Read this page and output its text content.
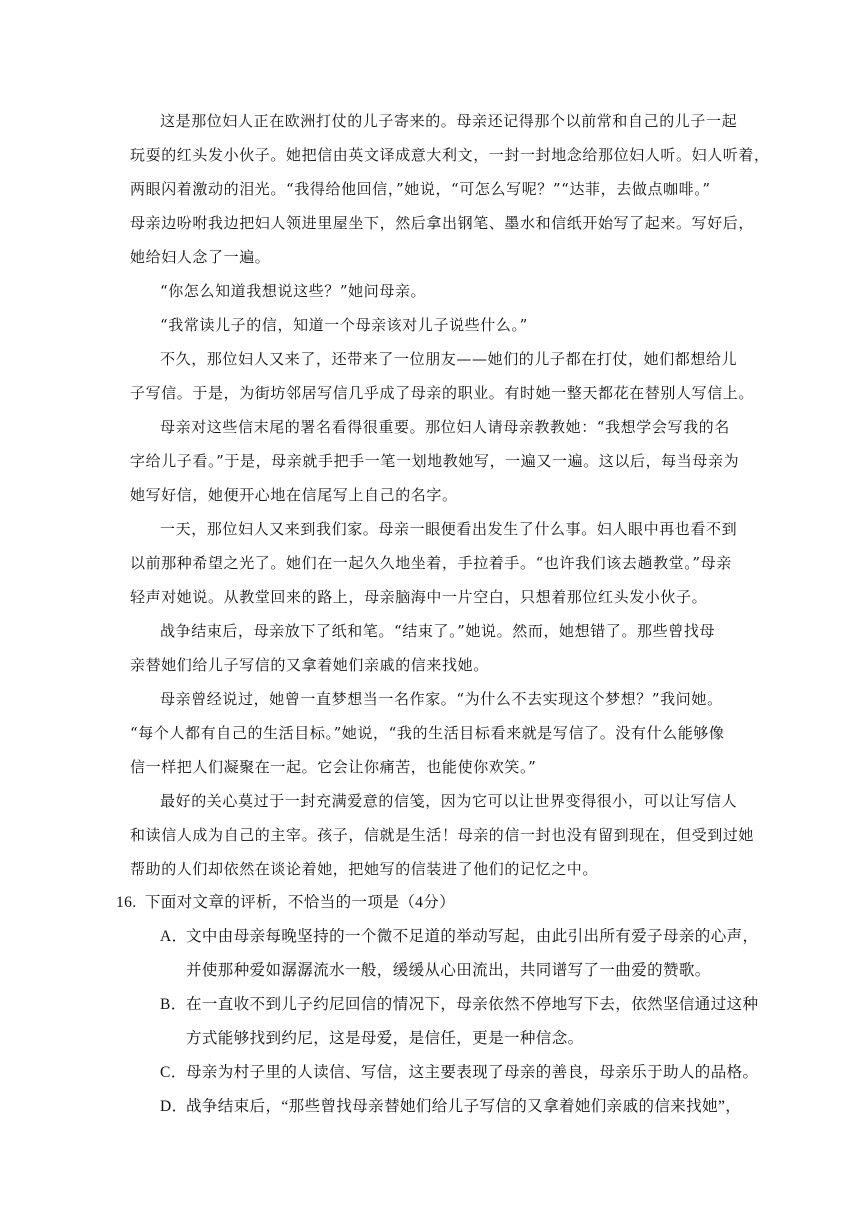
这是那位妇人正在欧洲打仗的儿子寄来的。母亲还记得那个以前常和自己的儿子一起
玩耍的红头发小伙子。她把信由英文译成意大利文，一封一封地念给那位妇人听。妇人听着，
两眼闪着激动的泪光。“我得给他回信，”她说，“可怎么写呢？”“达菲，去做点咖啡。”
母亲边吩咐我边把妇人领进里屋坐下，然后拿出钢笔、墨水和信纸开始写了起来。写好后，
她给妇人念了一遍。
“你怎么知道我想说这些？”她问母亲。
“我常读儿子的信，知道一个母亲该对儿子说些什么。”
不久，那位妇人又来了，还带来了一位朋友——她们的儿子都在打仗，她们都想给儿
子写信。于是，为街坊邻居写信几乎成了母亲的职业。有时她一整天都花在替别人写信上。
母亲对这些信末尾的署名看得很重要。那位妇人请母亲教教她：“我想学会写我的名
字给儿子看。”于是，母亲就手把手一笔一划地教她写，一遍又一遍。这以后，每当母亲为
她写好信，她便开心地在信尾写上自己的名字。
一天，那位妇人又来到我们家。母亲一眼便看出发生了什么事。妇人眼中再也看不到
以前那种希望之光了。她们在一起久久地坐着，手拉着手。“也许我们该去趟教堂。”母亲
轻声对她说。从教堂回来的路上，母亲脑海中一片空白，只想着那位红头发小伙子。
战争结束后，母亲放下了纸和笔。“结束了。”她说。然而，她想错了。那些曾找母
亲替她们给儿子写信的又拿着她们亲戚的信来找她。
母亲曾经说过，她曾一直梦想当一名作家。“为什么不去实现这个梦想？”我问她。
“每个人都有自己的生活目标。”她说，“我的生活目标看来就是写信了。没有什么能够像
信一样把人们凝聚在一起。它会让你痛苦，也能使你欢笑。”
最好的关心莫过于一封充满爱意的信笺，因为它可以让世界变得很小，可以让写信人
和读信人成为自己的主宰。孩子，信就是生活！母亲的信一封也没有留到现在，但受到过她
帮助的人们却依然在谈论着她，把她写的信装进了他们的记忆之中。
16. 下面对文章的评析，不恰当的一项是（4分）
A．文中由母亲每晚坚持的一个微不足道的举动写起，由此引出所有爱子母亲的心声，
并使那种爱如潺潺流水一般，缓缓从心田流出，共同谱写了一曲爱的赞歌。
B．在一直收不到儿子约尼回信的情况下，母亲依然不停地写下去，依然坚信通过这种
方式能够找到约尼，这是母爱，是信任，更是一种信念。
C．母亲为村子里的人读信、写信，这主要表现了母亲的善良，母亲乐于助人的品格。
D．战争结束后，“那些曾找母亲替她们给儿子写信的又拿着她们亲戚的信来找她”，
